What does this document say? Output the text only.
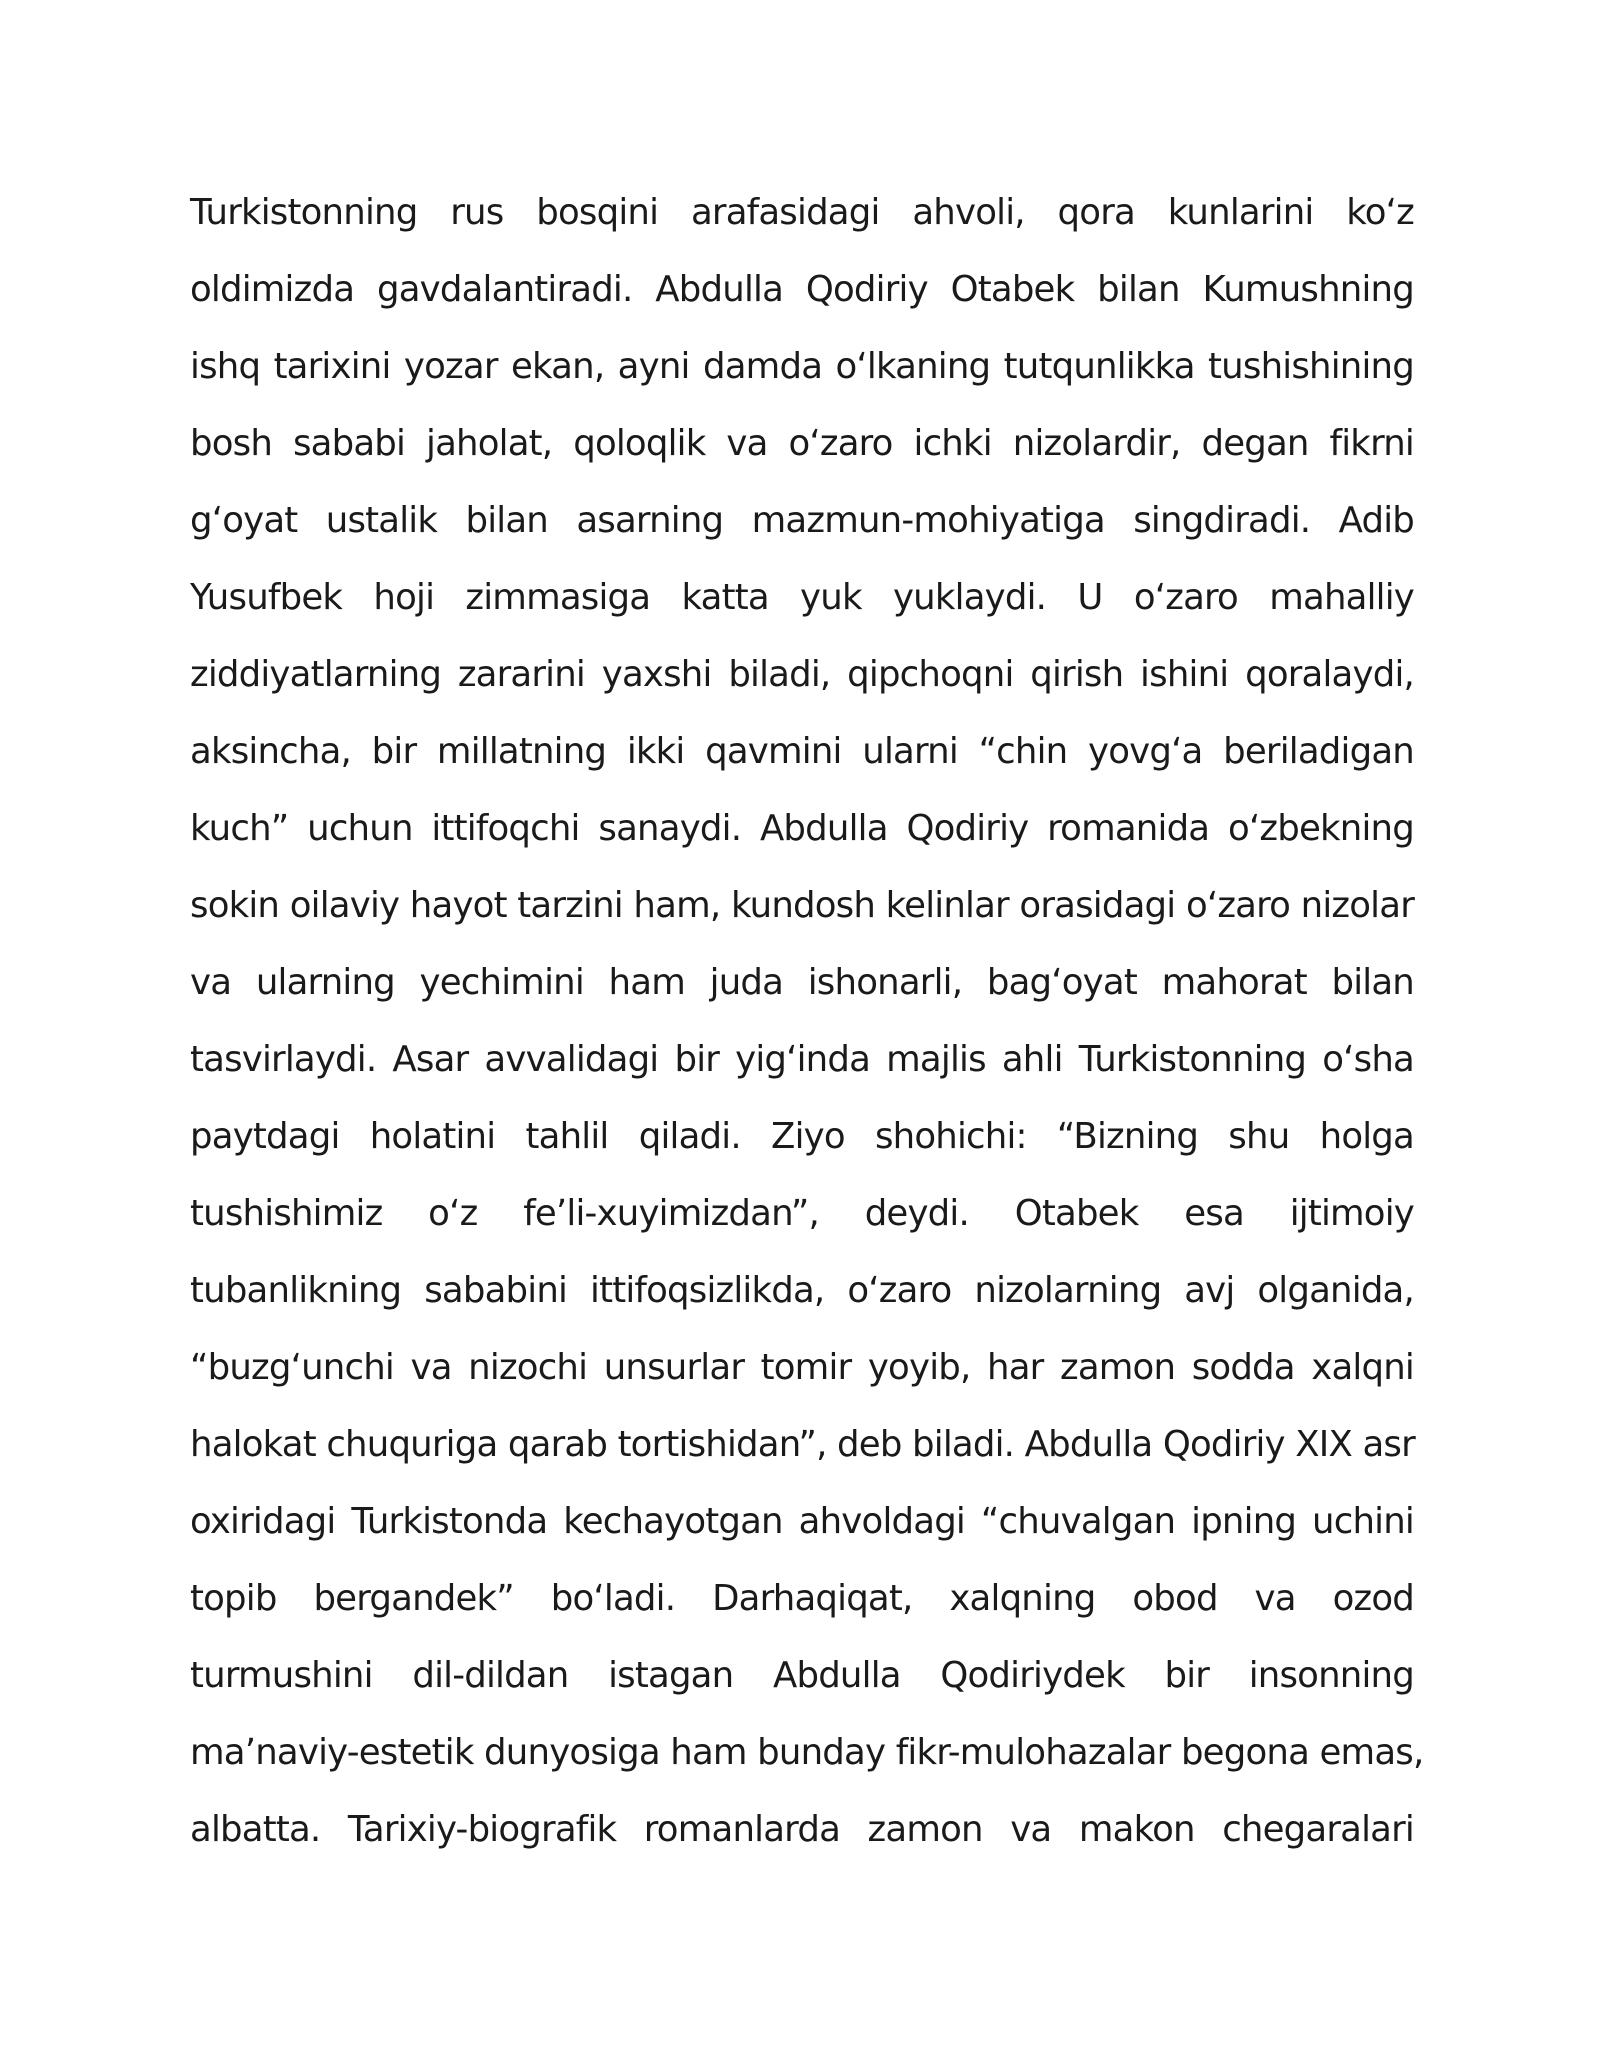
Turkistonning rus bosqini arafasidagi ahvoli, qora kunlarini ko‘z
oldimizda gavdalantiradi. Abdulla Qodiriy Otabek bilan Kumushning
ishq tarixini yozar ekan, ayni damda o‘lkaning tutqunlikka tushishining
bosh sababi jaholat, qoloqlik va o‘zaro ichki nizolardir, degan fikrni
g‘oyat ustalik bilan asarning mazmun-mohiyatiga singdiradi. Adib
Yusufbek hoji zimmasiga katta yuk yuklaydi. U o‘zaro mahalliy
ziddiyatlarning zararini yaxshi biladi, qipchoqni qirish ishini qoralaydi,
aksincha, bir millatning ikki qavmini ularni “chin yovg‘a beriladigan
kuch” uchun ittifoqchi sanaydi. Abdulla Qodiriy romanida o‘zbekning
sokin oilaviy hayot tarzini ham, kundosh kelinlar orasidagi o‘zaro nizolar
va ularning yechimini ham juda ishonarli, bag‘oyat mahorat bilan
tasvirlaydi. Asar avvalidagi bir yig‘inda majlis ahli Turkistonning o‘sha
paytdagi holatini tahlil qiladi. Ziyo shohichi: “Bizning shu holga
tushishimiz o‘z fe’li-xuyimizdan”, deydi. Otabek esa ijtimoiy
tubanlikning sababini ittifoqsizlikda, o‘zaro nizolarning avj olganida,
“buzg‘unchi va nizochi unsurlar tomir yoyib, har zamon sodda xalqni
halokat chuquriga qarab tortishidan”, deb biladi. Abdulla Qodiriy XIX asr
oxiridagi Turkistonda kechayotgan ahvoldagi “chuvalgan ipning uchini
topib bergandek” bo‘ladi. Darhaqiqat, xalqning obod va ozod
turmushini dil-dildan istagan Abdulla Qodiriydek bir insonning
ma’naviy-estetik dunyosiga ham bunday fikr-mulohazalar begona emas,
albatta. Tarixiy-biografik romanlarda zamon va makon chegaralari
